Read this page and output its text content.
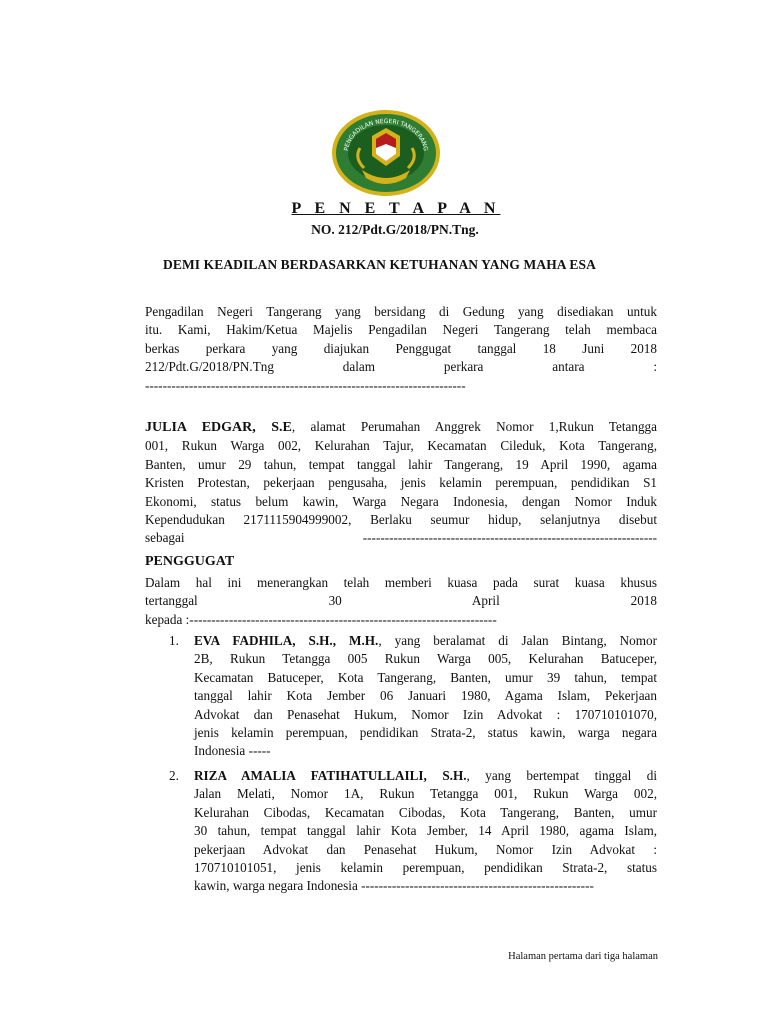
PENGADILAN NEGERI TANGERANG
P E N E T A P A N
NO. 212/Pdt.G/2018/PN.Tng.
DEMI KEADILAN BERDASARKAN KETUHANAN YANG MAHA ESA
Pengadilan Negeri Tangerang yang bersidang di Gedung yang disediakan untuk
itu. Kami, Hakim/Ketua Majelis Pengadilan Negeri Tangerang telah membaca
berkas perkara yang diajukan Penggugat tanggal 18 Juni 2018
212/Pdt.G/2018/PN.Tng dalam perkara antara :
-------------------------------------------------------------------------
JULIA EDGAR, S.E, alamat Perumahan Anggrek Nomor 1,Rukun Tetangga
001, Rukun Warga 002, Kelurahan Tajur, Kecamatan Cileduk, Kota Tangerang,
Banten, umur 29 tahun, tempat tanggal lahir Tangerang, 19 April 1990, agama
Kristen Protestan, pekerjaan pengusaha, jenis kelamin perempuan, pendidikan S1
Ekonomi, status belum kawin, Warga Negara Indonesia, dengan Nomor Induk
Kependudukan 2171115904999002, Berlaku seumur hidup, selanjutnya disebut
sebagai	-------------------------------------------------------------------
PENGGUGAT
Dalam hal ini menerangkan telah memberi kuasa pada surat kuasa khusus
tertanggal 30 April 2018
kepada :----------------------------------------------------------------------
1. EVA FADHILA, S.H., M.H., yang beralamat di Jalan Bintang, Nomor
2B, Rukun Tetangga 005 Rukun Warga 005, Kelurahan Batuceper,
Kecamatan Batuceper, Kota Tangerang, Banten, umur 39 tahun, tempat
tanggal lahir Kota Jember 06 Januari 1980, Agama Islam, Pekerjaan
Advokat dan Penasehat Hukum, Nomor Izin Advokat : 170710101070,
jenis kelamin perempuan, pendidikan Strata-2, status kawin, warga negara
Indonesia -----
2. RIZA AMALIA FATIHATULLAILI, S.H., yang bertempat tinggal di
Jalan Melati, Nomor 1A, Rukun Tetangga 001, Rukun Warga 002,
Kelurahan Cibodas, Kecamatan Cibodas, Kota Tangerang, Banten, umur
30 tahun, tempat tanggal lahir Kota Jember, 14 April 1980, agama Islam,
pekerjaan Advokat dan Penasehat Hukum, Nomor Izin Advokat :
170710101051, jenis kelamin perempuan, pendidikan Strata-2, status
kawin, warga negara Indonesia -----------------------------------------------------
Halaman pertama dari tiga halaman
